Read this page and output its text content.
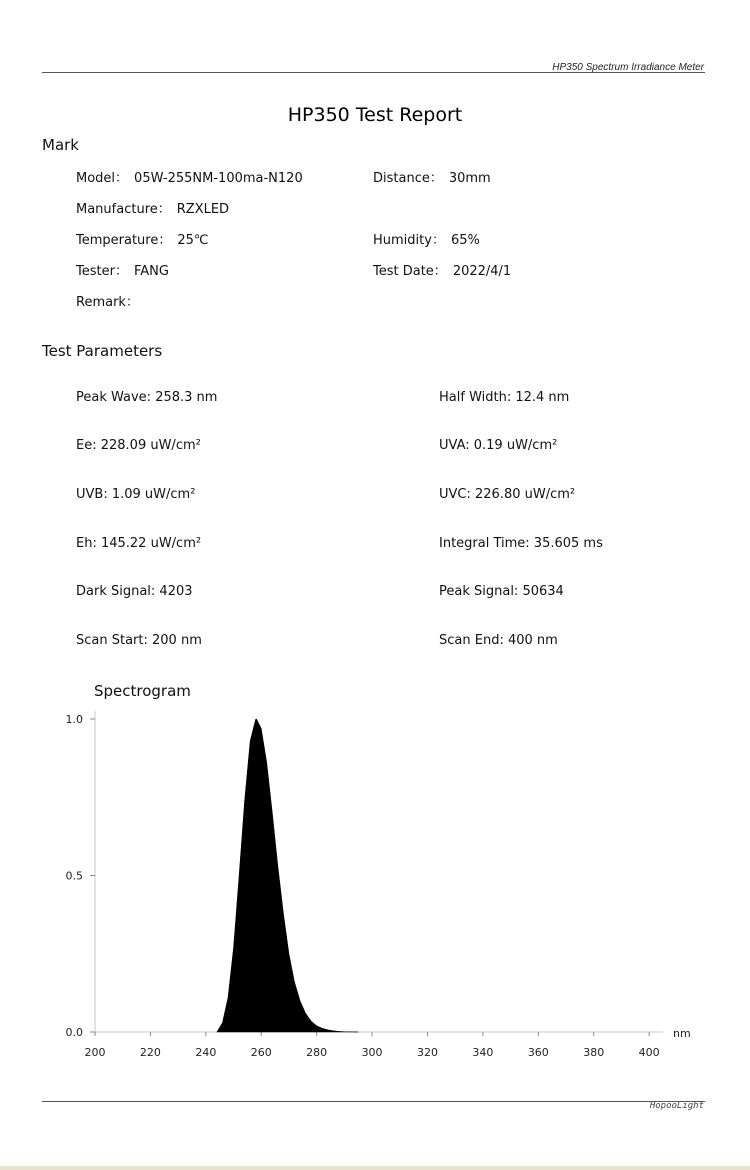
HP350 Spectrum Irradiance Meter
HP350 Test Report
Mark
Model： 05W-255NM-100ma-N120	Distance： 30mm
Manufacture： RZXLED
Temperature： 25℃	Humidity： 65%
Tester： FANG	Test Date： 2022/4/1
Remark：
Test Parameters
Peak Wave: 258.3 nm	Half Width: 12.4 nm
Ee: 228.09 uW/cm²	UVA: 0.19 uW/cm²
UVB: 1.09 uW/cm²	UVC: 226.80 uW/cm²
Eh: 145.22 uW/cm²	Integral Time: 35.605 ms
Dark Signal: 4203	Peak Signal: 50634
Scan Start: 200 nm	Scan End: 400 nm
Spectrogram
0.0
0.5
1.0
200	220	240	260	280	300	320	340	360	380	400
nm
HopooLight
